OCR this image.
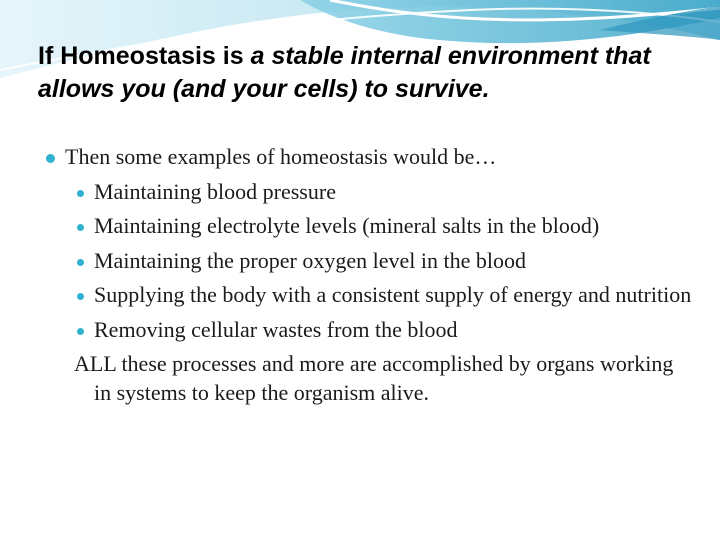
If Homeostasis is a stable internal environment that allows you (and your cells) to survive.

Then some examples of homeostasis would be…

Maintaining blood pressure

Maintaining electrolyte levels (mineral salts in the blood)

Maintaining the proper oxygen level in the blood

Supplying the body with a consistent supply of energy and nutrition

Removing cellular wastes from the blood

ALL these processes and more are accomplished by organs working in systems to keep the organism alive.
